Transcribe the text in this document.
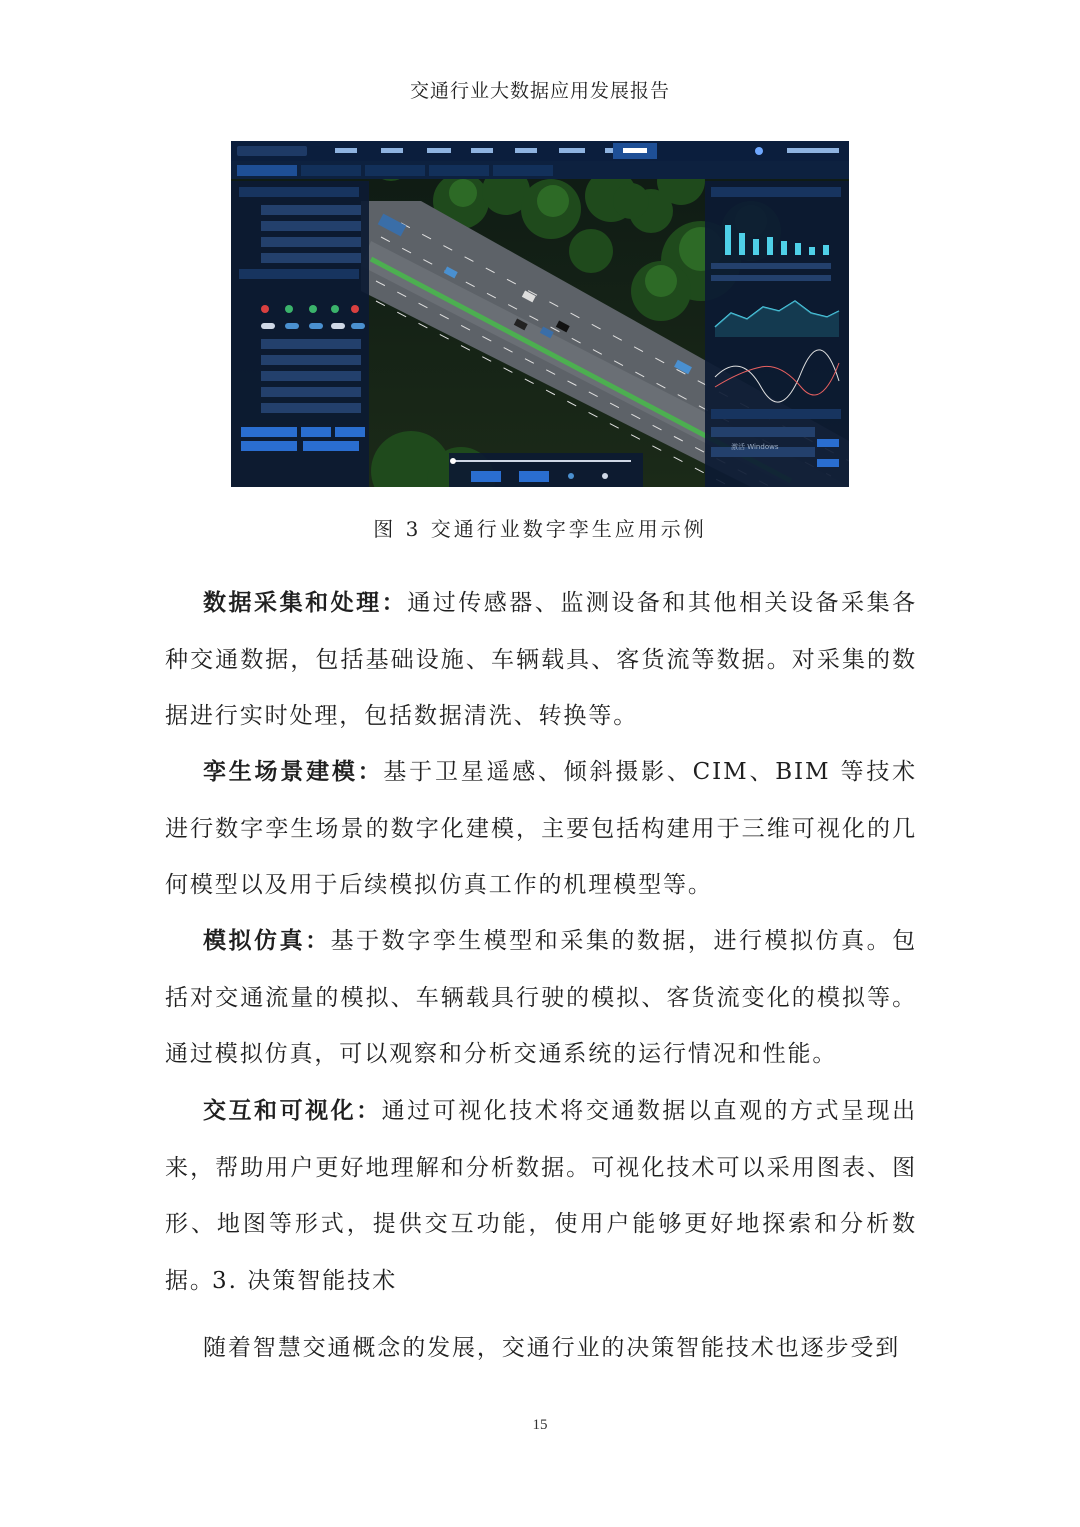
交通行业大数据应用发展报告
激活 Windows
图 3 交通行业数字孪生应用示例

数据采集和处理：通过传感器、监测设备和其他相关设备采集各种交通数据，包括基础设施、车辆载具、客货流等数据。对采集的数据进行实时处理，包括数据清洗、转换等。

孪生场景建模：基于卫星遥感、倾斜摄影、CIM、BIM 等技术进行数字孪生场景的数字化建模，主要包括构建用于三维可视化的几何模型以及用于后续模拟仿真工作的机理模型等。

模拟仿真：基于数字孪生模型和采集的数据，进行模拟仿真。包括对交通流量的模拟、车辆载具行驶的模拟、客货流变化的模拟等。通过模拟仿真，可以观察和分析交通系统的运行情况和性能。

交互和可视化：通过可视化技术将交通数据以直观的方式呈现出来，帮助用户更好地理解和分析数据。可视化技术可以采用图表、图形、地图等形式，提供交互功能，使用户能够更好地探索和分析数据。

3. 决策智能技术

随着智慧交通概念的发展，交通行业的决策智能技术也逐步受到

15
